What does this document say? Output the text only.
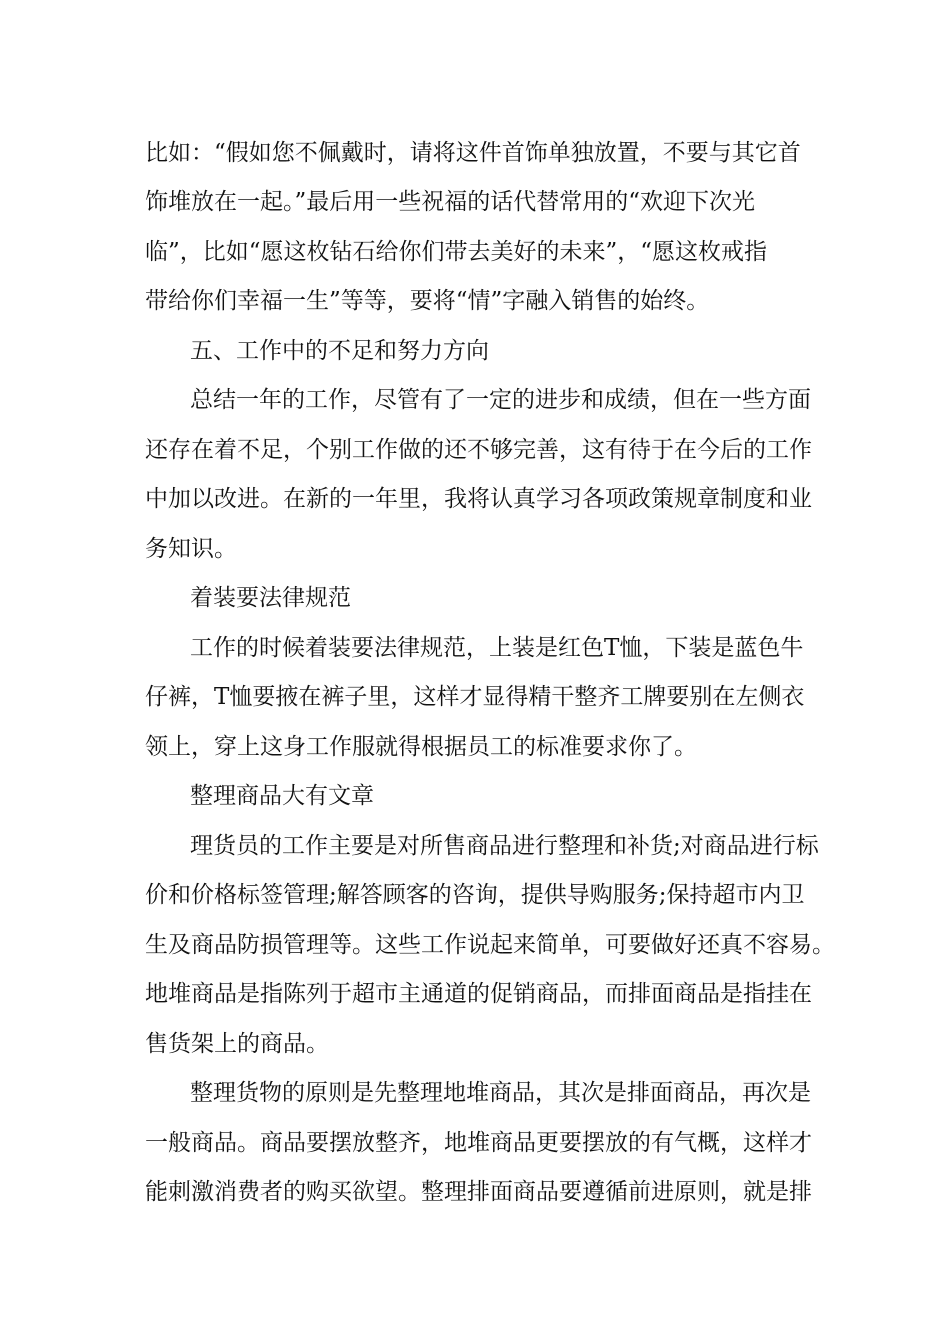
比如：“假如您不佩戴时，请将这件首饰单独放置，不要与其它首
饰堆放在一起。”最后用一些祝福的话代替常用的“欢迎下次光
临”，比如“愿这枚钻石给你们带去美好的未来”，“愿这枚戒指
带给你们幸福一生”等等，要将“情”字融入销售的始终。
五、工作中的不足和努力方向
总结一年的工作，尽管有了一定的进步和成绩，但在一些方面
还存在着不足，个别工作做的还不够完善，这有待于在今后的工作
中加以改进。在新的一年里，我将认真学习各项政策规章制度和业
务知识。
着装要法律规范
工作的时候着装要法律规范，上装是红色T恤，下装是蓝色牛
仔裤，T恤要掖在裤子里，这样才显得精干整齐工牌要别在左侧衣
领上，穿上这身工作服就得根据员工的标准要求你了。
整理商品大有文章
理货员的工作主要是对所售商品进行整理和补货;对商品进行标
价和价格标签管理;解答顾客的咨询，提供导购服务;保持超市内卫
生及商品防损管理等。这些工作说起来简单，可要做好还真不容易。
地堆商品是指陈列于超市主通道的促销商品，而排面商品是指挂在
售货架上的商品。
整理货物的原则是先整理地堆商品，其次是排面商品，再次是
一般商品。商品要摆放整齐，地堆商品更要摆放的有气概，这样才
能刺激消费者的购买欲望。整理排面商品要遵循前进原则，就是排
